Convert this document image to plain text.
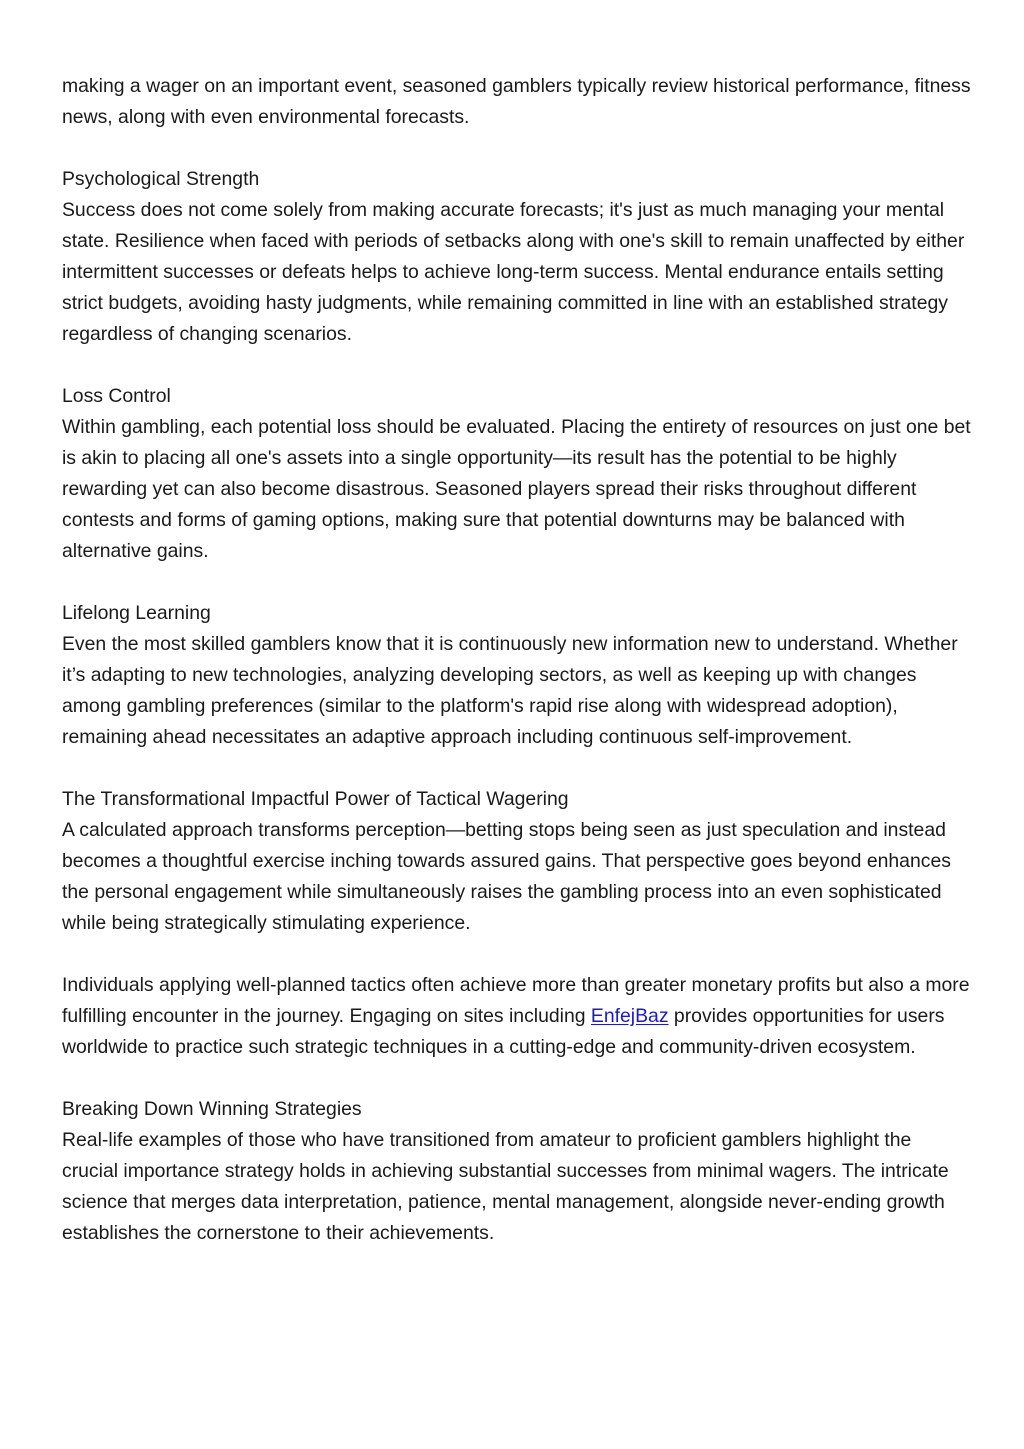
making a wager on an important event, seasoned gamblers typically review historical performance, fitness news, along with even environmental forecasts.

Psychological Strength
Success does not come solely from making accurate forecasts; it's just as much managing your mental state. Resilience when faced with periods of setbacks along with one's skill to remain unaffected by either intermittent successes or defeats helps to achieve long-term success. Mental endurance entails setting strict budgets, avoiding hasty judgments, while remaining committed in line with an established strategy regardless of changing scenarios.

Loss Control
Within gambling, each potential loss should be evaluated. Placing the entirety of resources on just one bet is akin to placing all one's assets into a single opportunity—its result has the potential to be highly rewarding yet can also become disastrous. Seasoned players spread their risks throughout different contests and forms of gaming options, making sure that potential downturns may be balanced with alternative gains.

Lifelong Learning
Even the most skilled gamblers know that it is continuously new information new to understand. Whether it’s adapting to new technologies, analyzing developing sectors, as well as keeping up with changes among gambling preferences (similar to the platform's rapid rise along with widespread adoption), remaining ahead necessitates an adaptive approach including continuous self-improvement.

The Transformational Impactful Power of Tactical Wagering
A calculated approach transforms perception—betting stops being seen as just speculation and instead becomes a thoughtful exercise inching towards assured gains. That perspective goes beyond enhances the personal engagement while simultaneously raises the gambling process into an even sophisticated while being strategically stimulating experience.

Individuals applying well-planned tactics often achieve more than greater monetary profits but also a more fulfilling encounter in the journey. Engaging on sites including EnfejBaz provides opportunities for users worldwide to practice such strategic techniques in a cutting-edge and community-driven ecosystem.

Breaking Down Winning Strategies
Real-life examples of those who have transitioned from amateur to proficient gamblers highlight the crucial importance strategy holds in achieving substantial successes from minimal wagers. The intricate science that merges data interpretation, patience, mental management, alongside never-ending growth establishes the cornerstone to their achievements.
